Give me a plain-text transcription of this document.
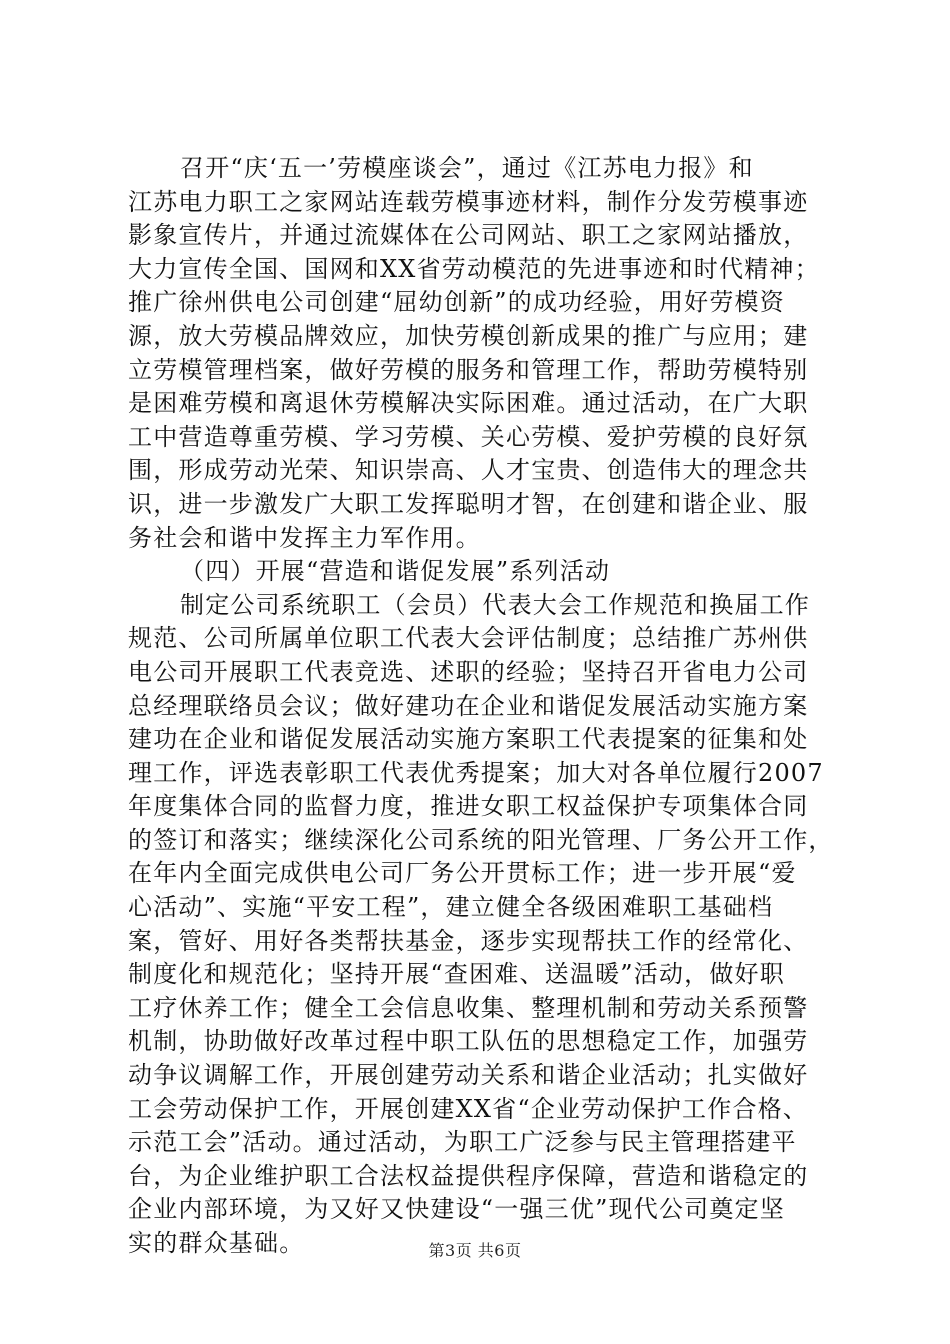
召开“庆‘五一’劳模座谈会”，通过《江苏电力报》和
江苏电力职工之家网站连载劳模事迹材料，制作分发劳模事迹
影象宣传片，并通过流媒体在公司网站、职工之家网站播放，
大力宣传全国、国网和XX省劳动模范的先进事迹和时代精神；
推广徐州供电公司创建“屈幼创新”的成功经验，用好劳模资
源，放大劳模品牌效应，加快劳模创新成果的推广与应用；建
立劳模管理档案，做好劳模的服务和管理工作，帮助劳模特别
是困难劳模和离退休劳模解决实际困难。通过活动，在广大职
工中营造尊重劳模、学习劳模、关心劳模、爱护劳模的良好氛
围，形成劳动光荣、知识崇高、人才宝贵、创造伟大的理念共
识，进一步激发广大职工发挥聪明才智，在创建和谐企业、服
务社会和谐中发挥主力军作用。
（四）开展“营造和谐促发展”系列活动
制定公司系统职工（会员）代表大会工作规范和换届工作
规范、公司所属单位职工代表大会评估制度；总结推广苏州供
电公司开展职工代表竞选、述职的经验；坚持召开省电力公司
总经理联络员会议；做好建功在企业和谐促发展活动实施方案
建功在企业和谐促发展活动实施方案职工代表提案的征集和处
理工作，评选表彰职工代表优秀提案；加大对各单位履行2007
年度集体合同的监督力度，推进女职工权益保护专项集体合同
的签订和落实；继续深化公司系统的阳光管理、厂务公开工作，
在年内全面完成供电公司厂务公开贯标工作；进一步开展“爱
心活动”、实施“平安工程”，建立健全各级困难职工基础档
案，管好、用好各类帮扶基金，逐步实现帮扶工作的经常化、
制度化和规范化；坚持开展“查困难、送温暖”活动，做好职
工疗休养工作；健全工会信息收集、整理机制和劳动关系预警
机制，协助做好改革过程中职工队伍的思想稳定工作，加强劳
动争议调解工作，开展创建劳动关系和谐企业活动；扎实做好
工会劳动保护工作，开展创建XX省“企业劳动保护工作合格、
示范工会”活动。通过活动，为职工广泛参与民主管理搭建平
台，为企业维护职工合法权益提供程序保障，营造和谐稳定的
企业内部环境，为又好又快建设“一强三优”现代公司奠定坚
实的群众基础。	第3页 共6页
